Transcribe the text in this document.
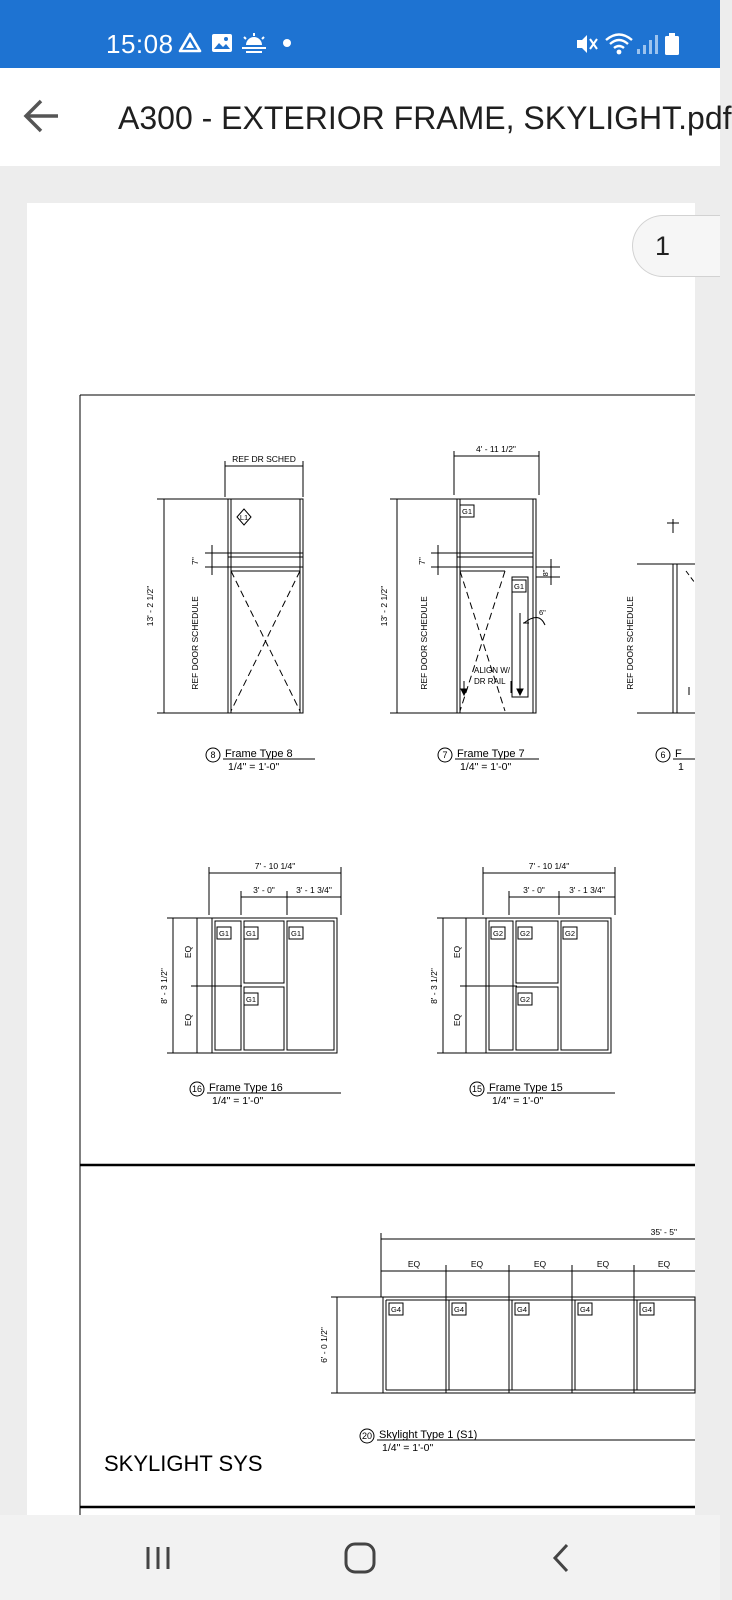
15:08
A300 - EXTERIOR FRAME, SKYLIGHT.pdf
REF DR SCHED
13' - 2 1/2"	REF DOOR SCHEDULE
7"
L1
8 Frame Type 8
1/4" = 1'-0"
4' - 11 1/2"
13' - 2 1/2"	REF DOOR SCHEDULE
7"
8"
6"
G1
G1
ALIGN W/
DR RAIL
7 Frame Type 7
1/4" = 1'-0"
REF DOOR SCHEDULE
6 F
1
7' - 10 1/4"
3' - 0"	3' - 1 3/4"
8' - 3 1/2"
EQ
EQ
G1 G1	G1
G1
16 Frame Type 16
1/4" = 1'-0"
7' - 10 1/4"
3' - 0"	3' - 1 3/4"
8' - 3 1/2"
EQ
EQ
G2 G2	G2
G2
15 Frame Type 15
1/4" = 1'-0"
35' - 5"
EQ	EQ	EQ	EQ	EQ
G4	G4	G4	G4	G4
6' - 0 1/2"
20 Skylight Type 1 (S1)
1/4" = 1'-0"
SKYLIGHT SYS
1
